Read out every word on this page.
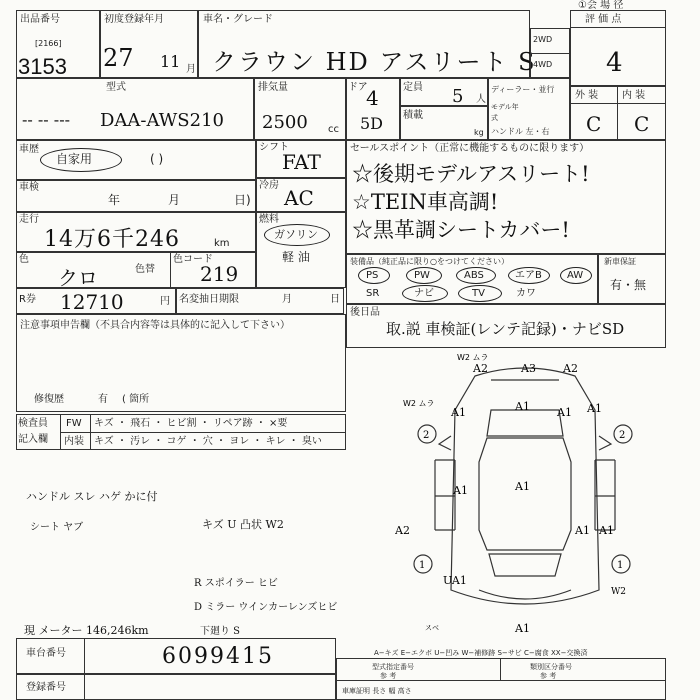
出品番号
[2166]
3153
初度登録年月
27 11 月
車名・グレード
クラウン HD アスリート S
2WD
4WD
①会 場 径
評 価 点
4
型式
DAA-AWS210
-- -- ---
排気量
2500 cc
ドア
4
5D
定員 5 人
積載
kg
ディーラー・並行
モデル年式
ハンドル 左・右
外 装 内 装
C C
車歴
自家用	( )
車検
年	月	日)
走行
14万6千246	km
色
クロ	色替
色コード
219
R券 12710	円 名変抽日期限	月	日
シフト
FAT
冷房
AC
燃料
ガソリン
軽 油
セールスポイント（正常に機能するものに限ります）
☆後期モデルアスリート!
☆TEIN車高調!
☆黒革調シートカバー!
装備品（純正品に限り○をつけてください）	新車保証
有・無
PS	PW	ABS	エアB	AW
SR	ナビ	TV	カワ
後日品
取.説 車検証(レンテ記録)・ナビSD
注意事項申告欄（不具合内容等は具体的に記入して下さい）
修復歴	有 ( 箇所
検査員
記入欄
FW キズ ・ 飛石 ・ ヒビ割 ・ リペア跡 ・ ×要
内装 キズ ・ 汚レ ・ コゲ ・ 穴 ・ ヨレ ・ キレ ・ 臭い
ハンドル スレ ハゲ かに付
シート ヤブ	キズ U 凸状 W2
R スポイラー ヒビ
D ミラー ウインカーレンズヒビ
下廻り S
現 メーター 146,246km
W2 ムラ
A2	A3 A2
W2 ムラ
A1	A1 A1 A1
2	2
A1	A1
A1
A2	A1
1	1
UA1
W2
スベ	A1
A−キズ E−エクボ U−凹み W−補修跡 S−サビ C−腐食 XX−交換済
車台番号	6099415
登録番号
型式指定番号	類別区分番号
参 考	参 考
車庫証明 長さ 幅 高さ
